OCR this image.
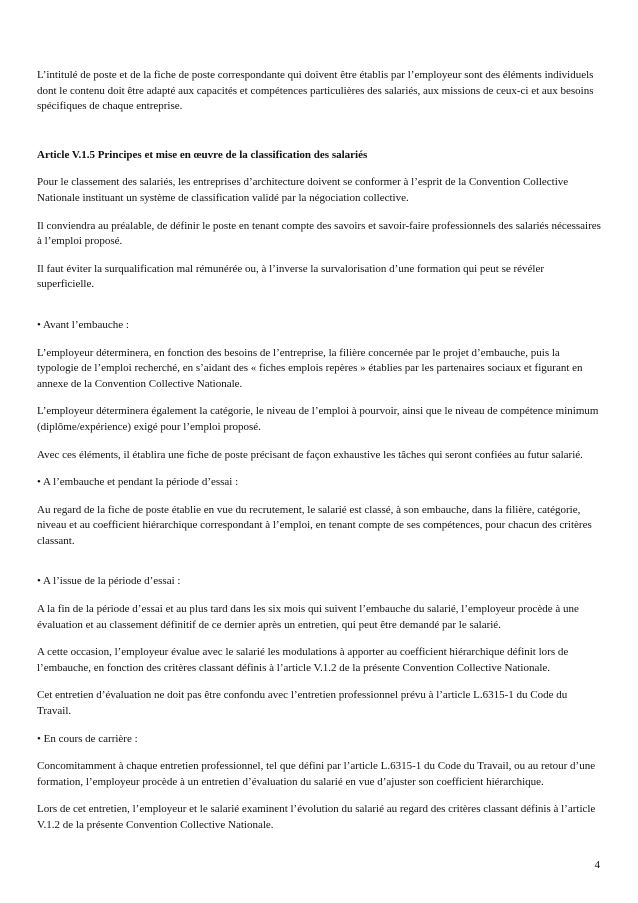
L’intitulé de poste et de la fiche de poste correspondante qui doivent être établis par l’employeur sont des éléments individuels dont le contenu doit être adapté aux capacités et compétences particulières des salariés, aux missions de ceux-ci et aux besoins spécifiques de chaque entreprise.

Article V.1.5 Principes et mise en œuvre de la classification des salariés

Pour le classement des salariés, les entreprises d’architecture doivent se conformer à l’esprit de la Convention Collective Nationale instituant un système de classification validé par la négociation collective.

Il conviendra au préalable, de définir le poste en tenant compte des savoirs et savoir-faire professionnels des salariés nécessaires à l’emploi proposé.

Il faut éviter la surqualification mal rémunérée ou, à l’inverse la survalorisation d’une formation qui peut se révéler superficielle.

• Avant l’embauche :

L’employeur déterminera, en fonction des besoins de l’entreprise, la filière concernée par le projet d’embauche, puis la typologie de l’emploi recherché, en s’aidant des « fiches emplois repères » établies par les partenaires sociaux et figurant en annexe de la Convention Collective Nationale.

L’employeur déterminera également la catégorie, le niveau de l’emploi à pourvoir, ainsi que le niveau de compétence minimum (diplôme/expérience) exigé pour l’emploi proposé.

Avec ces éléments, il établira une fiche de poste précisant de façon exhaustive les tâches qui seront confiées au futur salarié.

• A l’embauche et pendant la période d’essai :

Au regard de la fiche de poste établie en vue du recrutement, le salarié est classé, à son embauche, dans la filière, catégorie, niveau et au coefficient hiérarchique correspondant à l’emploi, en tenant compte de ses compétences, pour chacun des critères classant.

• A l’issue de la période d’essai :

A la fin de la période d’essai et au plus tard dans les six mois qui suivent l’embauche du salarié, l’employeur procède à une évaluation et au classement définitif de ce dernier après un entretien, qui peut être demandé par le salarié.

A cette occasion, l’employeur évalue avec le salarié les modulations à apporter au coefficient hiérarchique définit lors de l’embauche, en fonction des critères classant définis à l’article V.1.2 de la présente Convention Collective Nationale.

Cet entretien d’évaluation ne doit pas être confondu avec l’entretien professionnel prévu à l’article L.6315-1 du Code du Travail.

• En cours de carrière :

Concomitamment à chaque entretien professionnel, tel que défini par l’article L.6315-1 du Code du Travail, ou au retour d’une formation, l’employeur procède à un entretien d’évaluation du salarié en vue d’ajuster son coefficient hiérarchique.

Lors de cet entretien, l’employeur et le salarié examinent l’évolution du salarié au regard des critères classant définis à l’article V.1.2 de la présente Convention Collective Nationale.

4
